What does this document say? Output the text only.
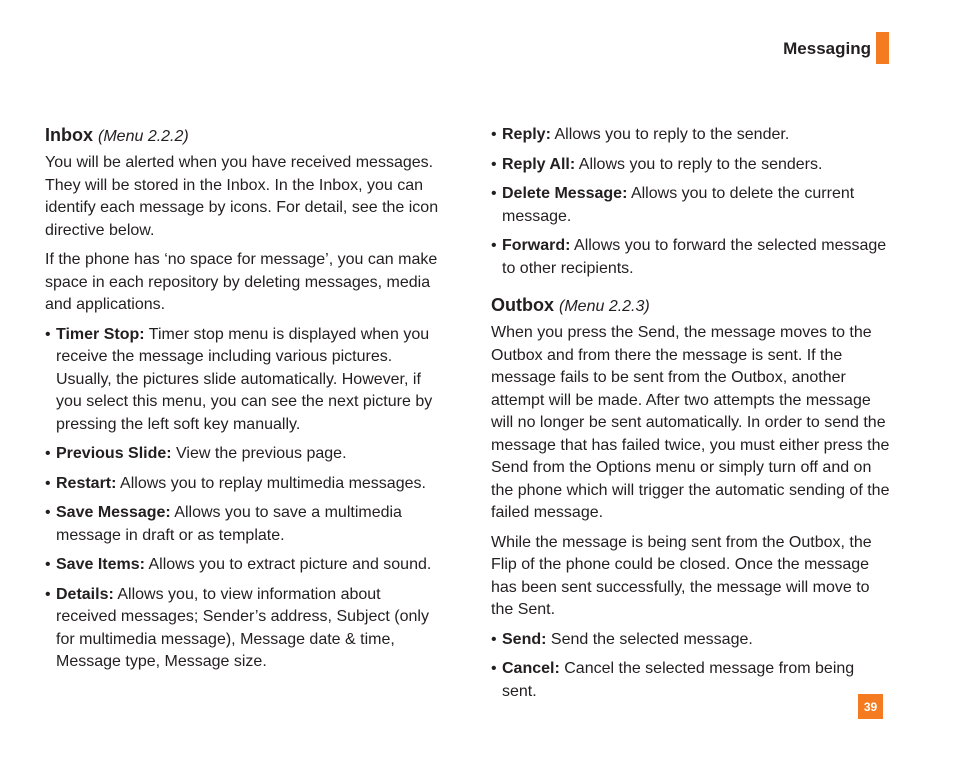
Messaging
Inbox (Menu 2.2.2)

You will be alerted when you have received messages. They will be stored in the Inbox. In the Inbox, you can identify each message by icons. For detail, see the icon directive below.

If the phone has ‘no space for message’, you can make space in each repository by deleting messages, media and applications.

• Timer Stop: Timer stop menu is displayed when you receive the message including various pictures. Usually, the pictures slide automatically. However, if you select this menu, you can see the next picture by pressing the left soft key manually.
• Previous Slide: View the previous page.
• Restart: Allows you to replay multimedia messages.
• Save Message: Allows you to save a multimedia message in draft or as template.
• Save Items: Allows you to extract picture and sound.
• Details: Allows you, to view information about received messages; Sender’s address, Subject (only for multimedia message), Message date & time, Message type, Message size.
• Reply: Allows you to reply to the sender.
• Reply All: Allows you to reply to the senders.
• Delete Message: Allows you to delete the current message.
• Forward: Allows you to forward the selected message to other recipients.
Outbox (Menu 2.2.3)

When you press the Send, the message moves to the Outbox and from there the message is sent. If the message fails to be sent from the Outbox, another attempt will be made. After two attempts the message will no longer be sent automatically. In order to send the message that has failed twice, you must either press the Send from the Options menu or simply turn off and on the phone which will trigger the automatic sending of the failed message.

While the message is being sent from the Outbox, the Flip of the phone could be closed. Once the message has been sent successfully, the message will move to the Sent.

• Send: Send the selected message.
• Cancel: Cancel the selected message from being sent.
39
